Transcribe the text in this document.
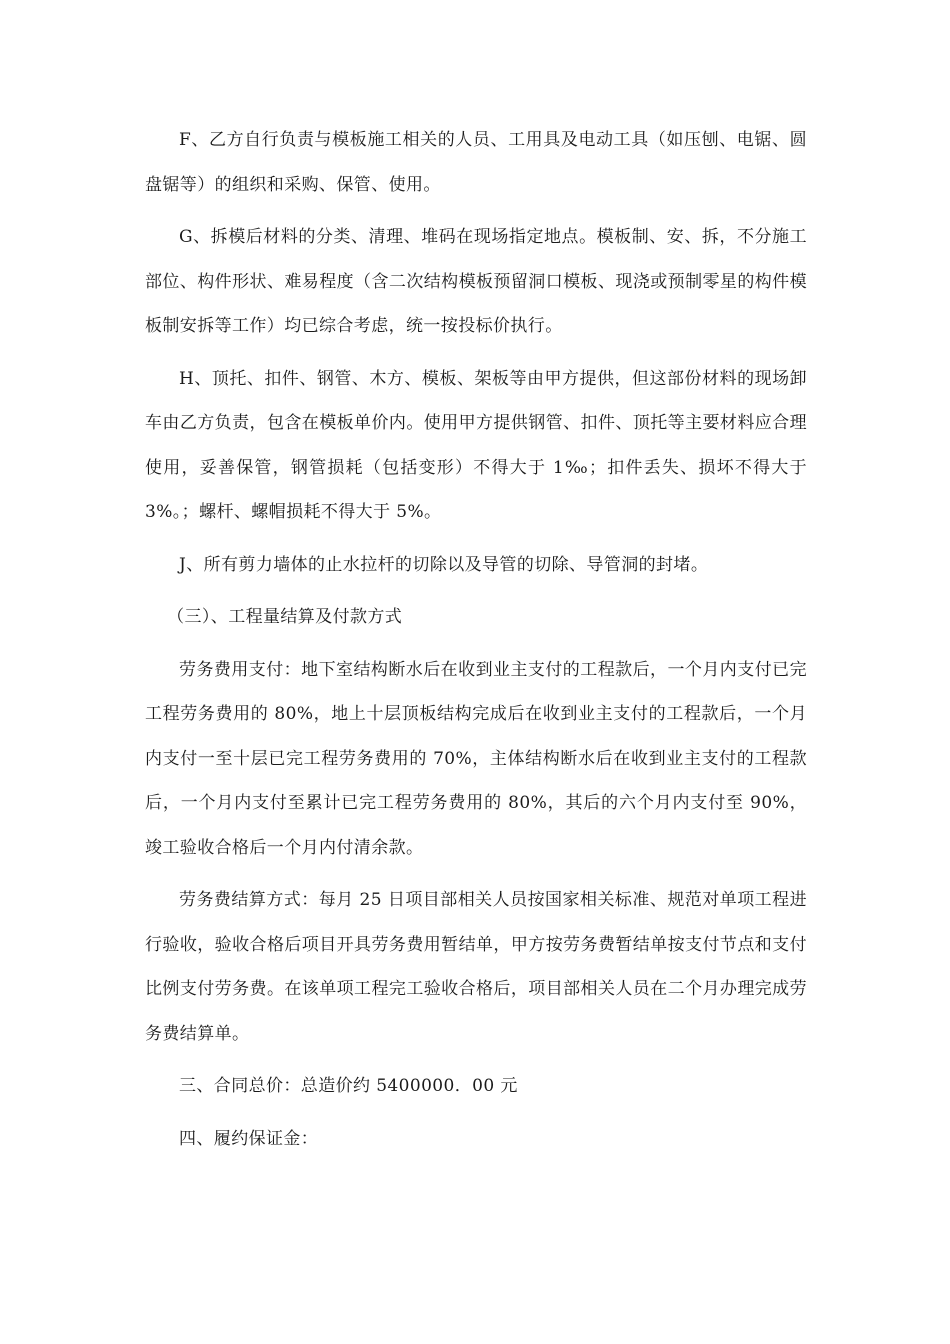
F、乙方自行负责与模板施工相关的人员、工用具及电动工具（如压刨、电锯、圆盘锯等）的组织和采购、保管、使用。

G、拆模后材料的分类、清理、堆码在现场指定地点。模板制、安、拆，不分施工部位、构件形状、难易程度（含二次结构模板预留洞口模板、现浇或预制零星的构件模板制安拆等工作）均已综合考虑，统一按投标价执行。

H、顶托、扣件、钢管、木方、模板、架板等由甲方提供，但这部份材料的现场卸车由乙方负责，包含在模板单价内。使用甲方提供钢管、扣件、顶托等主要材料应合理使用，妥善保管，钢管损耗（包括变形）不得大于 1‰；扣件丢失、损坏不得大于 3%。；螺杆、螺帽损耗不得大于 5%。

J、所有剪力墙体的止水拉杆的切除以及导管的切除、导管洞的封堵。

（三）、工程量结算及付款方式

劳务费用支付：地下室结构断水后在收到业主支付的工程款后，一个月内支付已完工程劳务费用的 80%，地上十层顶板结构完成后在收到业主支付的工程款后，一个月内支付一至十层已完工程劳务费用的 70%，主体结构断水后在收到业主支付的工程款后，一个月内支付至累计已完工程劳务费用的 80%，其后的六个月内支付至 90%，竣工验收合格后一个月内付清余款。

劳务费结算方式：每月 25 日项目部相关人员按国家相关标准、规范对单项工程进行验收，验收合格后项目开具劳务费用暂结单，甲方按劳务费暂结单按支付节点和支付比例支付劳务费。在该单项工程完工验收合格后，项目部相关人员在二个月办理完成劳务费结算单。

三、合同总价：总造价约 5400000．00 元

四、履约保证金：
